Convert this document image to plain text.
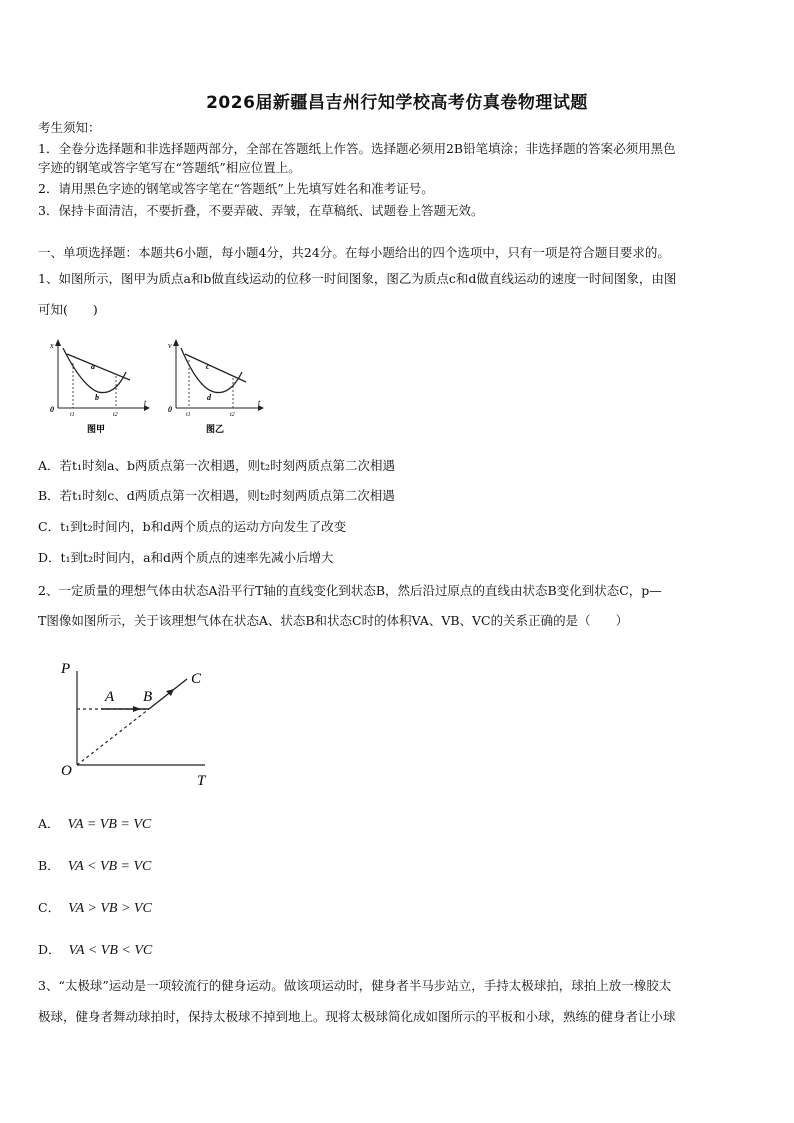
2026届新疆昌吉州行知学校高考仿真卷物理试题
考生须知：
1．全卷分选择题和非选择题两部分，全部在答题纸上作答。选择题必须用2B铅笔填涂；非选择题的答案必须用黑色
字迹的钢笔或答字笔写在“答题纸”相应位置上。
2．请用黑色字迹的钢笔或答字笔在“答题纸”上先填写姓名和准考证号。
3．保持卡面清洁，不要折叠，不要弄破、弄皱，在草稿纸、试题卷上答题无效。
一、单项选择题：本题共6小题，每小题4分，共24分。在每小题给出的四个选项中，只有一项是符合题目要求的。
1、如图所示，图甲为质点a和b做直线运动的位移一时间图象，图乙为质点c和d做直线运动的速度一时间图象，由图
可知(　　)
x
0
t1	t2
t
a
b
图甲
v
0
t1	t2
t
c
d
图乙
A．若t₁时刻a、b两质点第一次相遇，则t₂时刻两质点第二次相遇
B．若t₁时刻c、d两质点第一次相遇，则t₂时刻两质点第二次相遇
C．t₁到t₂时间内，b和d两个质点的运动方向发生了改变
D．t₁到t₂时间内，a和d两个质点的速率先减小后增大
2、一定质量的理想气体由状态A沿平行T轴的直线变化到状态B，然后沿过原点的直线由状态B变化到状态C，p—
T图像如图所示，关于该理想气体在状态A、状态B和状态C时的体积VA、VB、VC的关系正确的是（　　）
P
T
O
A B
C
A． VA = VB = VC
B． VA < VB = VC
C． VA > VB > VC
D． VA < VB < VC
3、“太极球”运动是一项较流行的健身运动。做该项运动时，健身者半马步站立，手持太极球拍，球拍上放一橡胶太
极球，健身者舞动球拍时，保持太极球不掉到地上。现将太极球简化成如图所示的平板和小球，熟练的健身者让小球
